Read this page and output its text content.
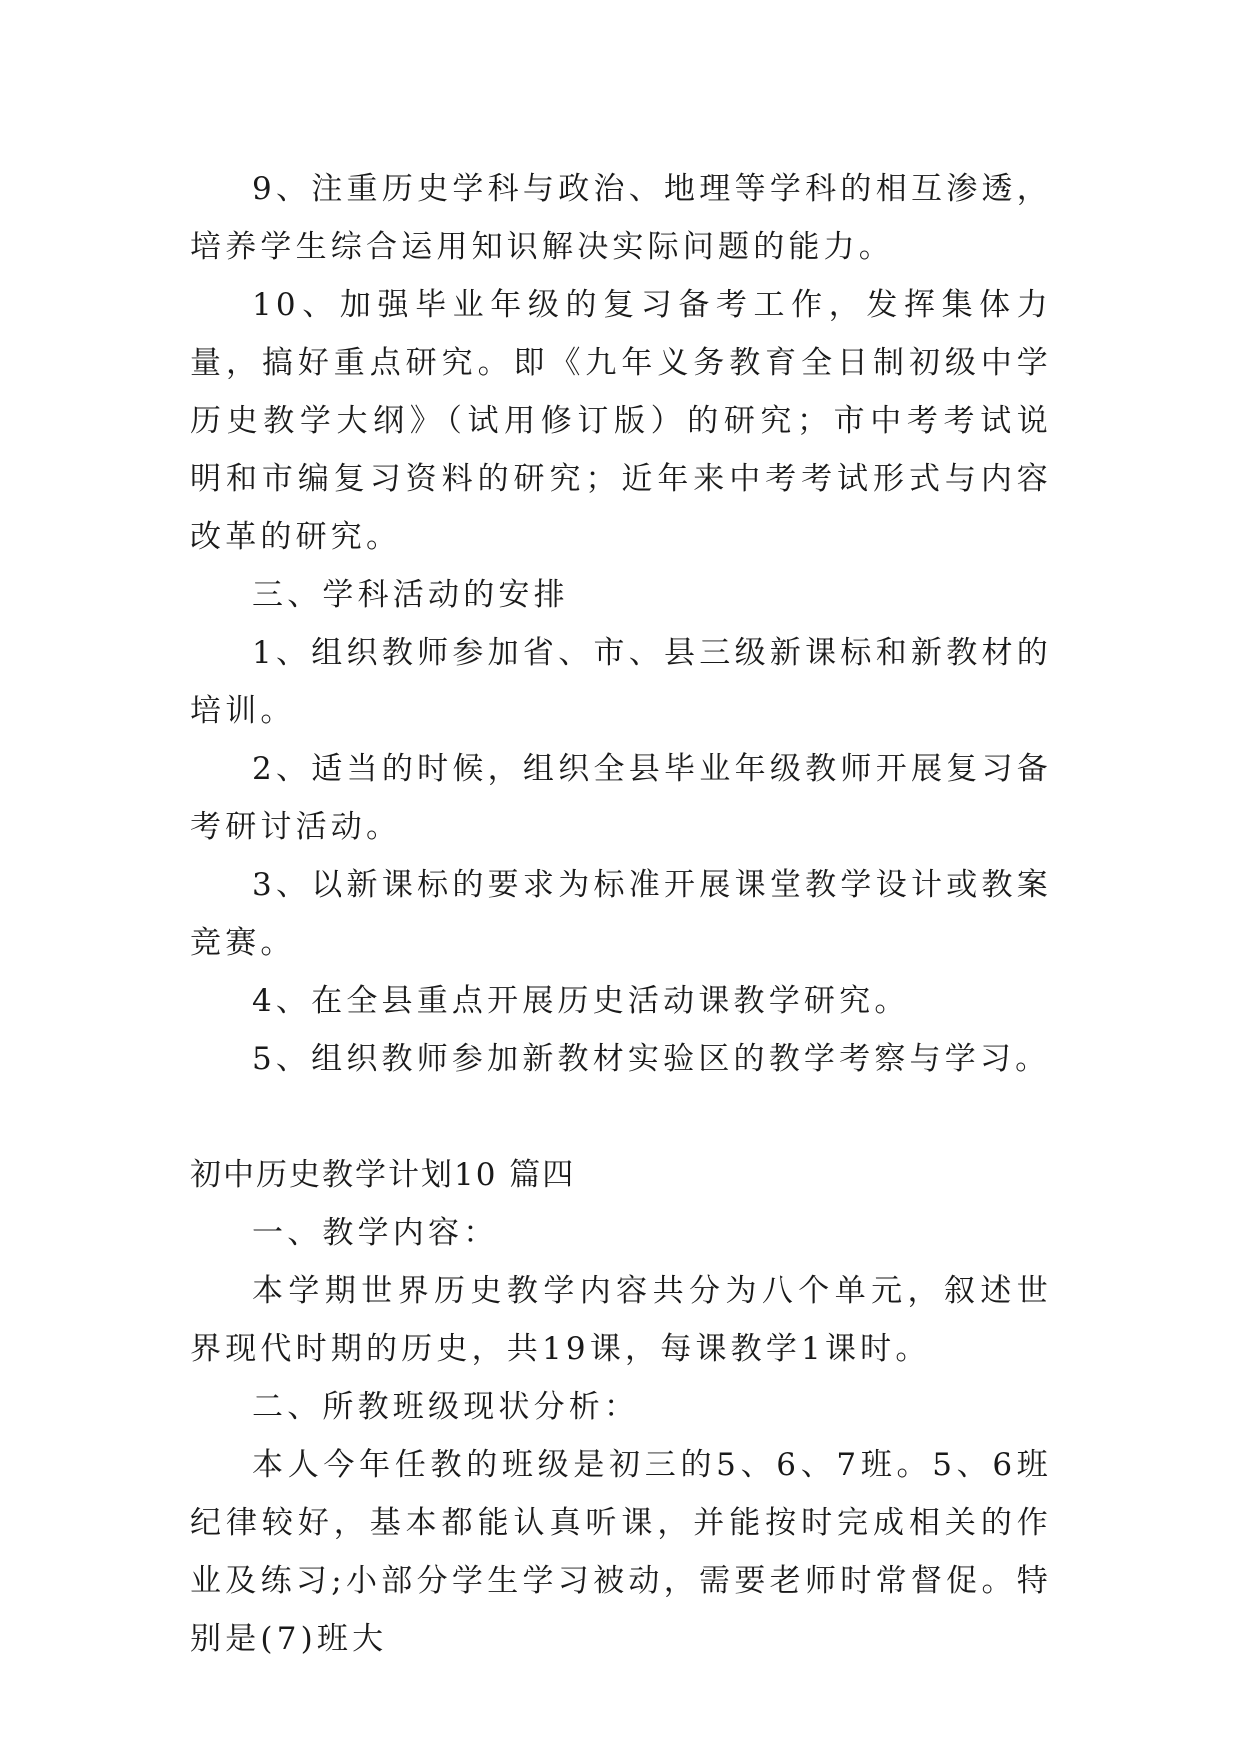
9、注重历史学科与政治、地理等学科的相互渗透，培养学生综合运用知识解决实际问题的能力。

10、加强毕业年级的复习备考工作，发挥集体力量，搞好重点研究。即《九年义务教育全日制初级中学历史教学大纲》（试用修订版）的研究；市中考考试说明和市编复习资料的研究；近年来中考考试形式与内容改革的研究。

三、学科活动的安排

1、组织教师参加省、市、县三级新课标和新教材的培训。

2、适当的时候，组织全县毕业年级教师开展复习备考研讨活动。

3、以新课标的要求为标准开展课堂教学设计或教案竞赛。

4、在全县重点开展历史活动课教学研究。

5、组织教师参加新教材实验区的教学考察与学习。

初中历史教学计划10 篇四

一、教学内容：

本学期世界历史教学内容共分为八个单元，叙述世界现代时期的历史，共19课，每课教学1课时。

二、所教班级现状分析：

本人今年任教的班级是初三的5、6、7班。5、6班纪律较好，基本都能认真听课，并能按时完成相关的作业及练习;小部分学生学习被动，需要老师时常督促。特别是(7)班大
